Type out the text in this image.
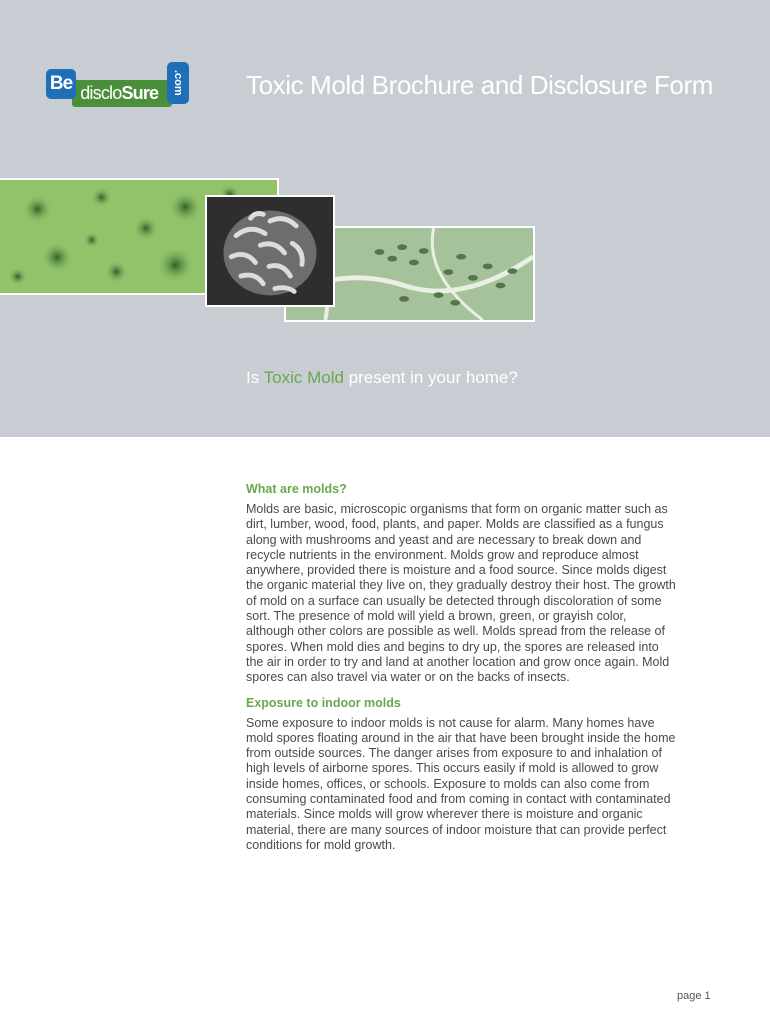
discloSure
Be	.com Toxic Mold Brochure and Disclosure Form

Is Toxic Mold present in your home?

What are molds?

Molds are basic, microscopic organisms that form on organic matter such as dirt, lumber, wood, food, plants, and paper. Molds are classified as a fungus along with mushrooms and yeast and are necessary to break down and recycle nutrients in the environment. Molds grow and reproduce almost anywhere, provided there is moisture and a food source. Since molds digest the organic material they live on, they gradually destroy their host. The growth of mold on a surface can usually be detected through discoloration of some sort. The presence of mold will yield a brown, green, or grayish color, although other colors are possible as well. Molds spread from the release of spores. When mold dies and begins to dry up, the spores are released into the air in order to try and land at another location and grow once again. Mold spores can also travel via water or on the backs of insects.

Exposure to indoor molds

Some exposure to indoor molds is not cause for alarm. Many homes have mold spores floating around in the air that have been brought inside the home from outside sources. The danger arises from exposure to and inhalation of high levels of airborne spores. This occurs easily if mold is allowed to grow inside homes, offices, or schools. Exposure to molds can also come from consuming contaminated food and from coming in contact with contaminated materials. Since molds will grow wherever there is moisture and organic material, there are many sources of indoor moisture that can provide perfect conditions for mold growth.

page 1
